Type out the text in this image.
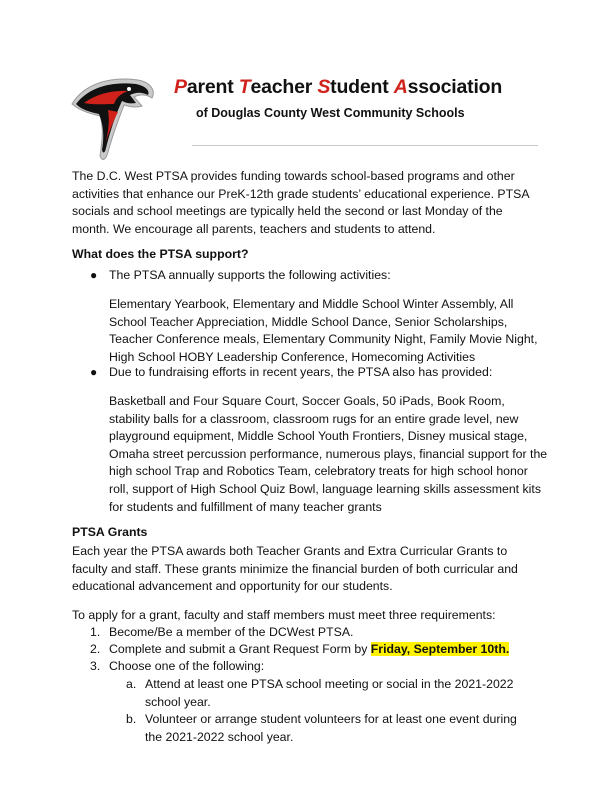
Parent Teacher Student Association
of Douglas County West Community Schools

The D.C. West PTSA provides funding towards school-based programs and other activities that enhance our PreK-12th grade students’ educational experience. PTSA socials and school meetings are typically held the second or last Monday of the month. We encourage all parents, teachers and students to attend.

What does the PTSA support?
● The PTSA annually supports the following activities:

Elementary Yearbook, Elementary and Middle School Winter Assembly, All School Teacher Appreciation, Middle School Dance, Senior Scholarships, Teacher Conference meals, Elementary Community Night, Family Movie Night, High School HOBY Leadership Conference, Homecoming Activities

● Due to fundraising efforts in recent years, the PTSA also has provided:

Basketball and Four Square Court, Soccer Goals, 50 iPads, Book Room, stability balls for a classroom, classroom rugs for an entire grade level, new playground equipment, Middle School Youth Frontiers, Disney musical stage, Omaha street percussion performance, numerous plays, financial support for the high school Trap and Robotics Team, celebratory treats for high school honor roll, support of High School Quiz Bowl, language learning skills assessment kits for students and fulfillment of many teacher grants

PTSA Grants

Each year the PTSA awards both Teacher Grants and Extra Curricular Grants to faculty and staff. These grants minimize the financial burden of both curricular and educational advancement and opportunity for our students.

To apply for a grant, faculty and staff members must meet three requirements:

1. Become/Be a member of the DCWest PTSA.
2. Complete and submit a Grant Request Form by Friday, September 10th.
3. Choose one of the following:
a. Attend at least one PTSA school meeting or social in the 2021-2022 school year.
b. Volunteer or arrange student volunteers for at least one event during the 2021-2022 school year.
